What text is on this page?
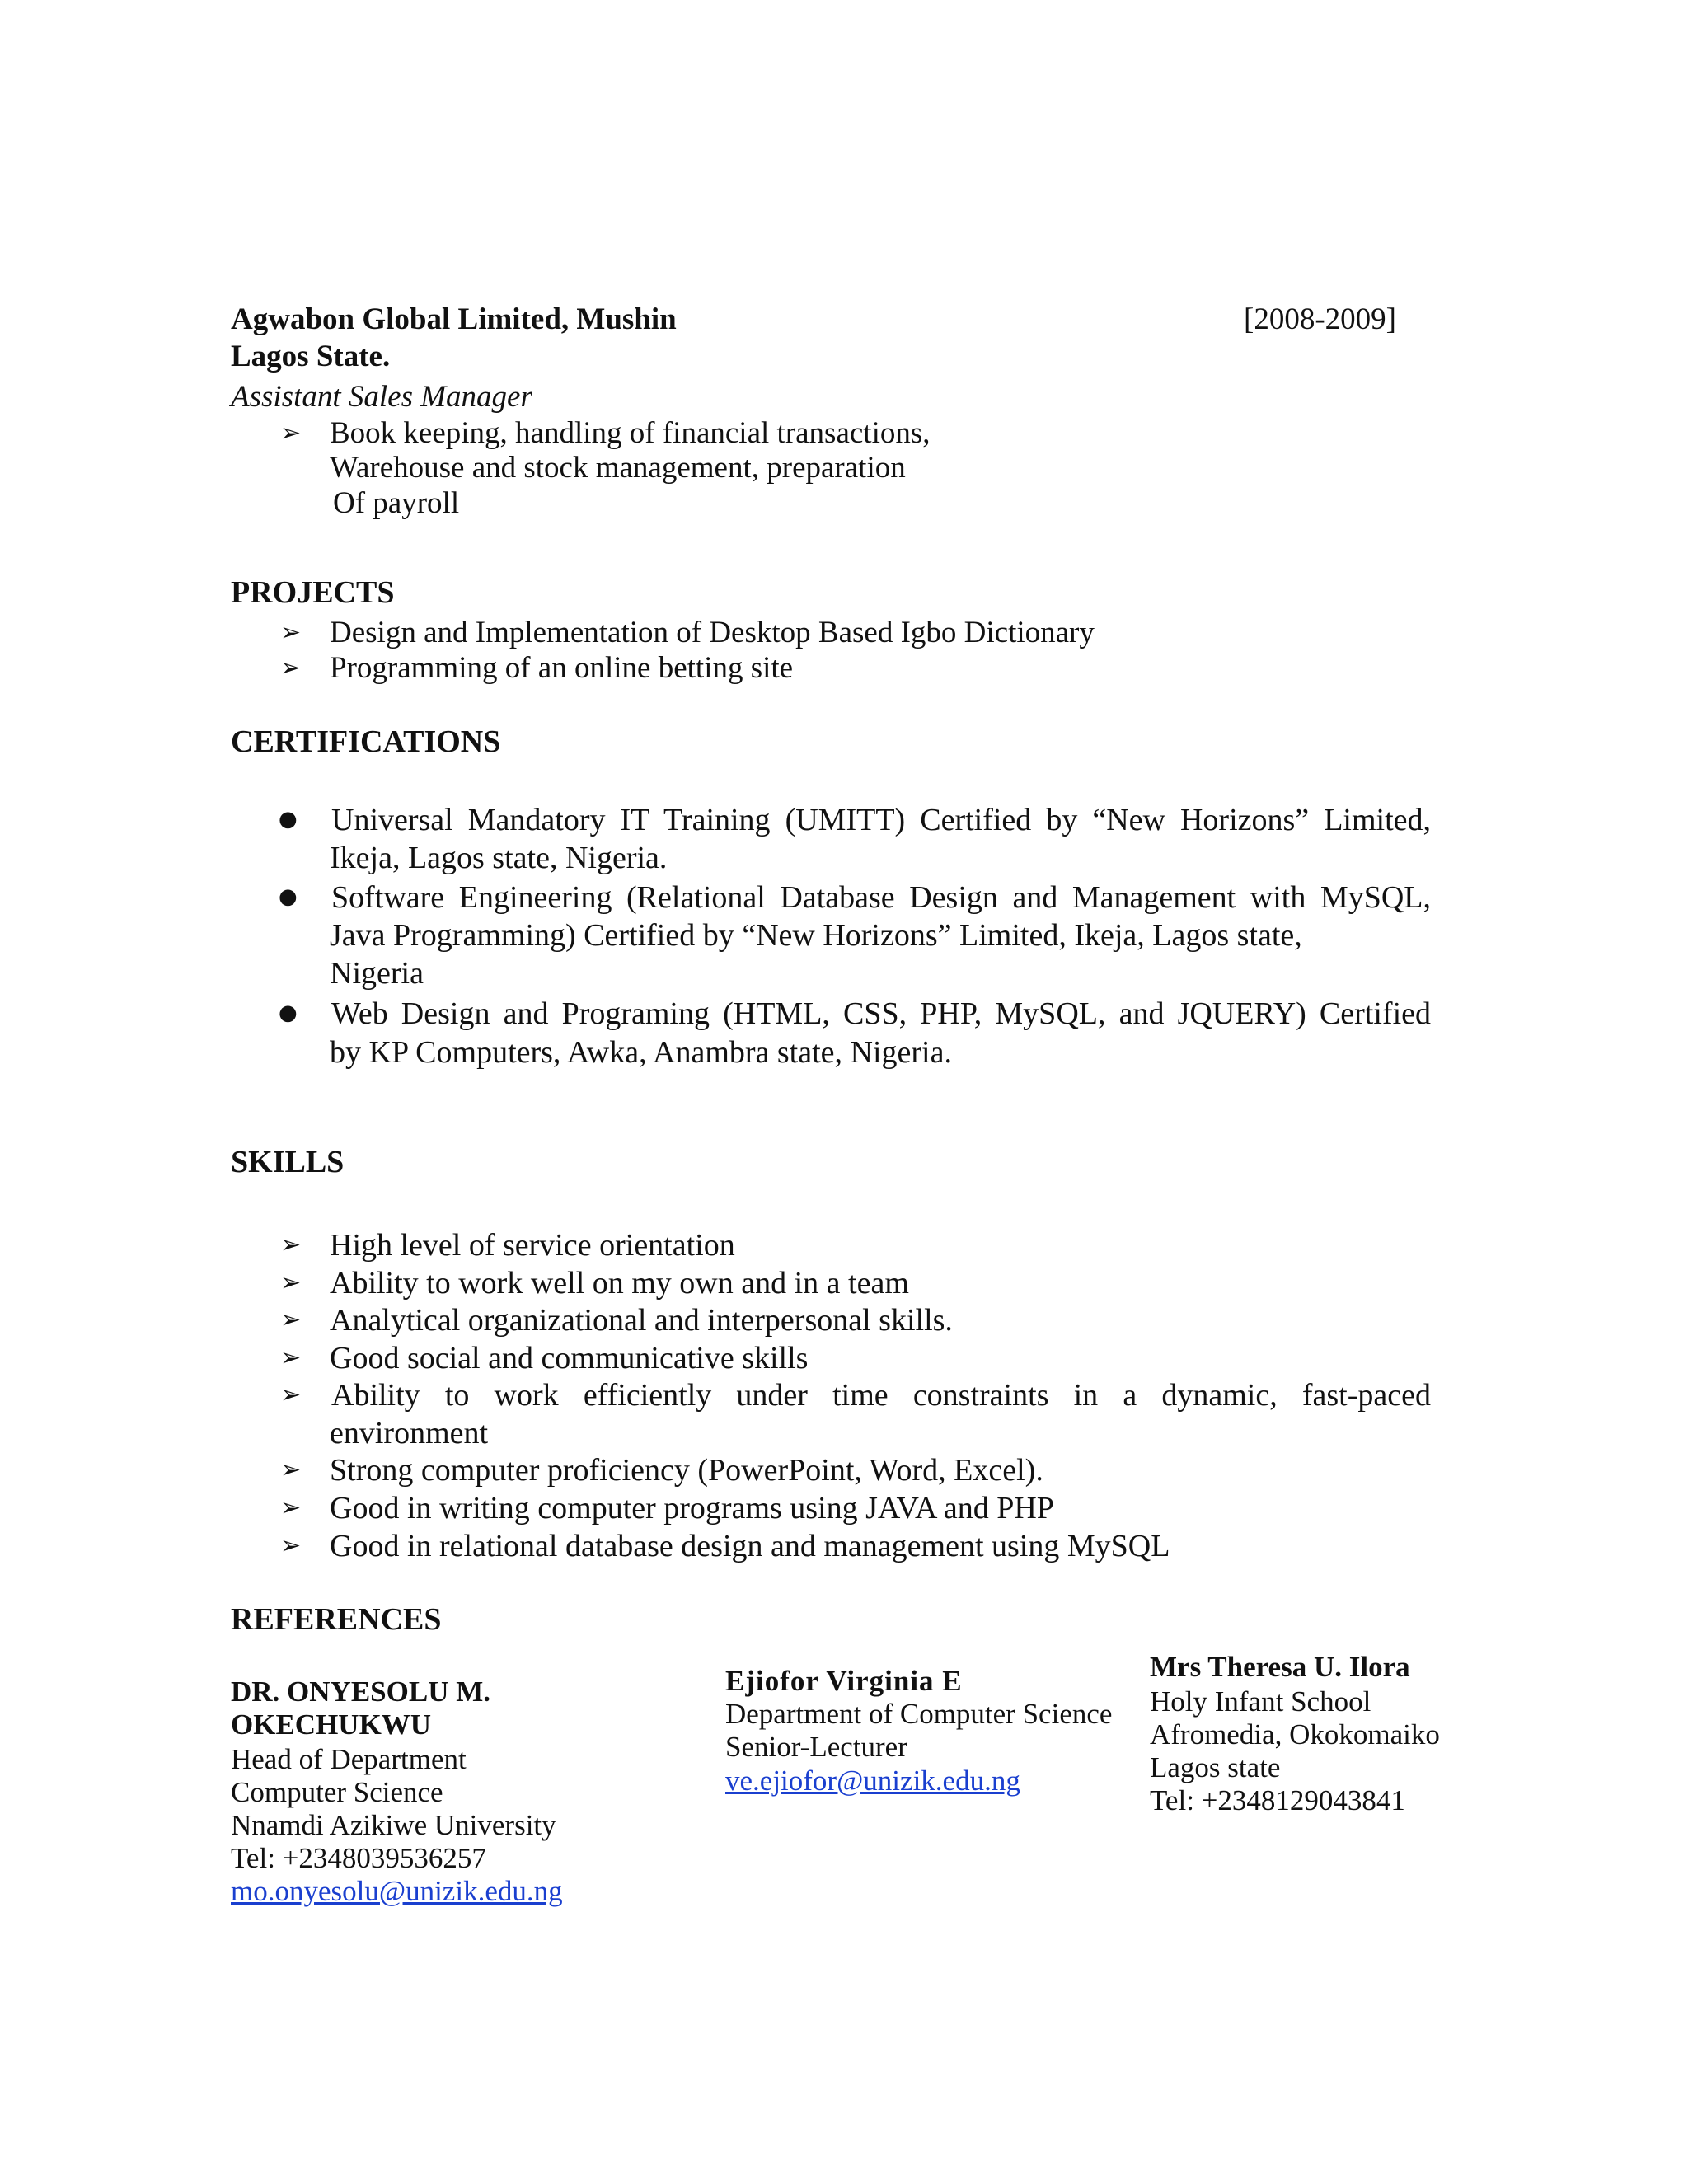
Agwabon Global Limited, Mushin	[2008-2009]
Lagos State.
Assistant Sales Manager
➢ Book keeping, handling of financial transactions,
Warehouse and stock management, preparation
Of payroll
PROJECTS
➢ Design and Implementation of Desktop Based Igbo Dictionary
➢ Programming of an online betting site
CERTIFICATIONS
● Universal Mandatory IT Training (UMITT) Certified by “New Horizons” Limited,
Ikeja, Lagos state, Nigeria.
● Software Engineering (Relational Database Design and Management with MySQL,
Java Programming) Certified by “New Horizons” Limited, Ikeja, Lagos state,
Nigeria
● Web Design and Programing (HTML, CSS, PHP, MySQL, and JQUERY) Certified
by KP Computers, Awka, Anambra state, Nigeria.
SKILLS
➢ High level of service orientation
➢ Ability to work well on my own and in a team
➢ Analytical organizational and interpersonal skills.
➢ Good social and communicative skills
➢ Ability to work efficiently under time constraints in a dynamic, fast-paced
environment
➢ Strong computer proficiency (PowerPoint, Word, Excel).
➢ Good in writing computer programs using JAVA and PHP
➢ Good in relational database design and management using MySQL
REFERENCES
DR. ONYESOLU M.
OKECHUKWU
Head of Department
Computer Science
Nnamdi Azikiwe University
Tel: +2348039536257
mo.onyesolu@unizik.edu.ng
Ejiofor Virginia E
Department of Computer Science
Senior-Lecturer
ve.ejiofor@unizik.edu.ng
Mrs Theresa U. Ilora
Holy Infant School
Afromedia, Okokomaiko
Lagos state
Tel: +2348129043841
